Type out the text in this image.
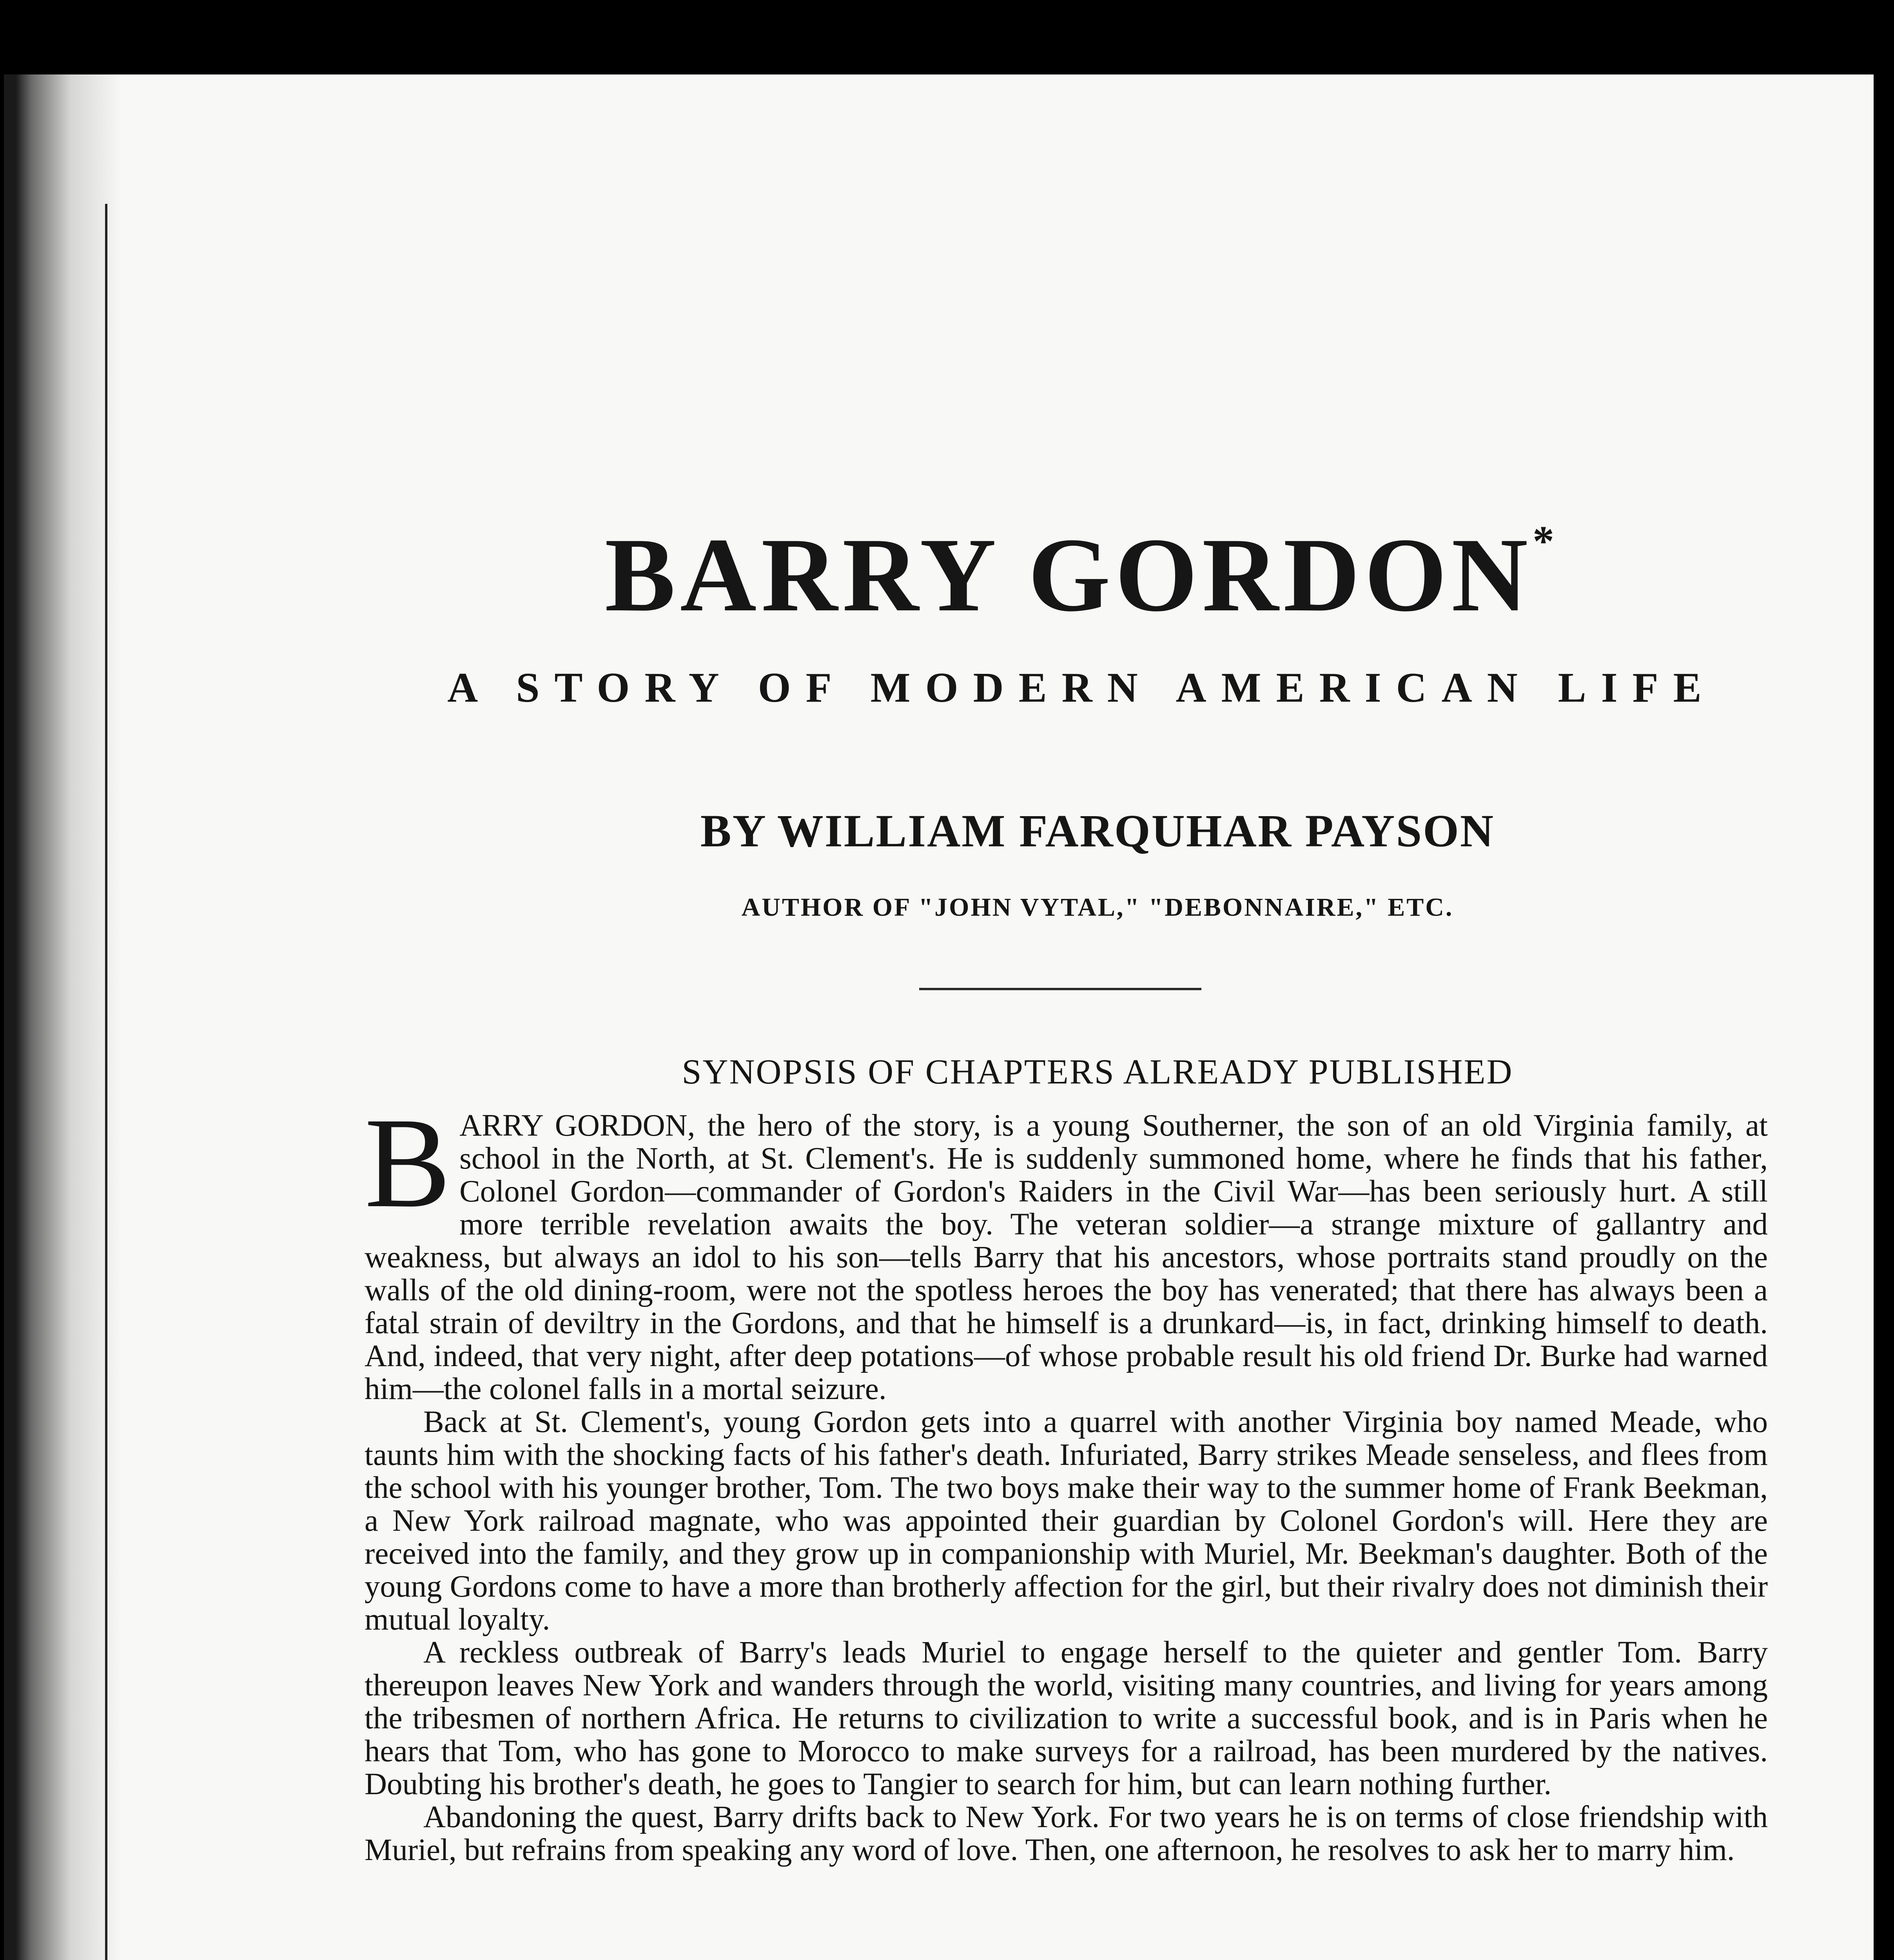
BARRY GORDON*
A STORY OF MODERN AMERICAN LIFE
BY WILLIAM FARQUHAR PAYSON
AUTHOR OF "JOHN VYTAL," "DEBONNAIRE," ETC.
SYNOPSIS OF CHAPTERS ALREADY PUBLISHED

BARRY GORDON, the hero of the story, is a young Southerner, the son of an old Virginia family, at school in the North, at St. Clement's. He is suddenly summoned home, where he finds that his father, Colonel Gordon—commander of Gordon's Raiders in the Civil War—has been seriously hurt. A still more terrible revelation awaits the boy. The veteran soldier—a strange mixture of gallantry and weakness, but always an idol to his son—tells Barry that his ancestors, whose portraits stand proudly on the walls of the old dining-room, were not the spotless heroes the boy has venerated; that there has always been a fatal strain of deviltry in the Gordons, and that he himself is a drunkard—is, in fact, drinking himself to death. And, indeed, that very night, after deep potations—of whose probable result his old friend Dr. Burke had warned him—the colonel falls in a mortal seizure.

Back at St. Clement's, young Gordon gets into a quarrel with another Virginia boy named Meade, who taunts him with the shocking facts of his father's death. Infuriated, Barry strikes Meade senseless, and flees from the school with his younger brother, Tom. The two boys make their way to the summer home of Frank Beekman, a New York railroad magnate, who was appointed their guardian by Colonel Gordon's will. Here they are received into the family, and they grow up in companionship with Muriel, Mr. Beekman's daughter. Both of the young Gordons come to have a more than brotherly affection for the girl, but their rivalry does not diminish their mutual loyalty.

A reckless outbreak of Barry's leads Muriel to engage herself to the quieter and gentler Tom. Barry thereupon leaves New York and wanders through the world, visiting many countries, and living for years among the tribesmen of northern Africa. He returns to civilization to write a successful book, and is in Paris when he hears that Tom, who has gone to Morocco to make surveys for a railroad, has been murdered by the natives. Doubting his brother's death, he goes to Tangier to search for him, but can learn nothing further.

Abandoning the quest, Barry drifts back to New York. For two years he is on terms of close friendship with Muriel, but refrains from speaking any word of love. Then, one afternoon, he resolves to ask her to marry him.
